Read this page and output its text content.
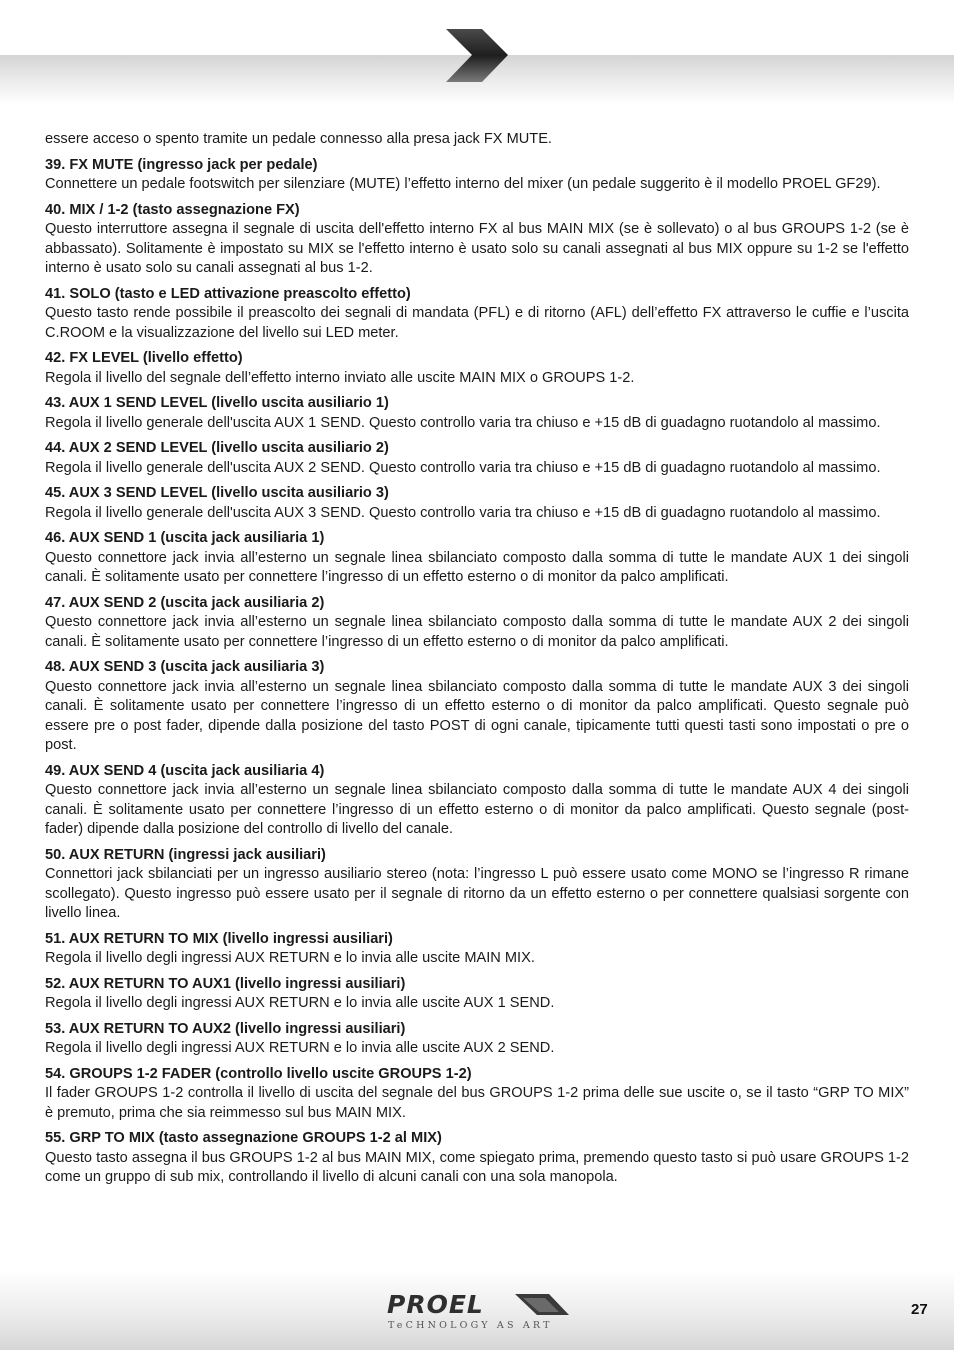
essere acceso o spento tramite un pedale connesso alla presa jack FX MUTE.

39. FX MUTE (ingresso jack per pedale)

Connettere un pedale footswitch per silenziare (MUTE) l’effetto interno del mixer (un pedale suggerito è il modello PROEL GF29).

40. MIX / 1-2 (tasto assegnazione FX)

Questo interruttore assegna il segnale di uscita dell'effetto interno FX al bus MAIN MIX (se è sollevato) o al bus GROUPS 1-2 (se è abbassato). Solitamente è impostato su MIX se l'effetto interno è usato solo su canali assegnati al bus MIX oppure su 1-2 se l'effetto interno è usato solo su canali assegnati al bus 1-2.

41. SOLO (tasto e LED attivazione preascolto effetto)

Questo tasto rende possibile il preascolto dei segnali di mandata (PFL) e di ritorno (AFL) dell’effetto FX attraverso le cuffie e l’uscita C.ROOM e la visualizzazione del livello sui LED meter.

42. FX LEVEL (livello effetto)

Regola il livello del segnale dell’effetto interno inviato alle uscite MAIN MIX o GROUPS 1-2.

43. AUX 1 SEND LEVEL (livello uscita ausiliario 1)

Regola il livello generale dell'uscita AUX 1 SEND. Questo controllo varia tra chiuso e +15 dB di guadagno ruotandolo al massimo.

44. AUX 2 SEND LEVEL (livello uscita ausiliario 2)

Regola il livello generale dell'uscita AUX 2 SEND. Questo controllo varia tra chiuso e +15 dB di guadagno ruotandolo al massimo.

45. AUX 3 SEND LEVEL (livello uscita ausiliario 3)

Regola il livello generale dell'uscita AUX 3 SEND. Questo controllo varia tra chiuso e +15 dB di guadagno ruotandolo al massimo.

46. AUX SEND 1 (uscita jack ausiliaria 1)

Questo connettore jack invia all’esterno un segnale linea sbilanciato composto dalla somma di tutte le mandate AUX 1 dei singoli canali. È solitamente usato per connettere l’ingresso di un effetto esterno o di monitor da palco amplificati.

47. AUX SEND 2 (uscita jack ausiliaria 2)

Questo connettore jack invia all’esterno un segnale linea sbilanciato composto dalla somma di tutte le mandate AUX 2 dei singoli canali. È solitamente usato per connettere l’ingresso di un effetto esterno o di monitor da palco amplificati.

48. AUX SEND 3 (uscita jack ausiliaria 3)

Questo connettore jack invia all’esterno un segnale linea sbilanciato composto dalla somma di tutte le mandate AUX 3 dei singoli canali. È solitamente usato per connettere l’ingresso di un effetto esterno o di monitor da palco amplificati. Questo segnale può essere pre o post fader, dipende dalla posizione del tasto POST di ogni canale, tipicamente tutti questi tasti sono impostati o pre o post.

49. AUX SEND 4 (uscita jack ausiliaria 4)

Questo connettore jack invia all’esterno un segnale linea sbilanciato composto dalla somma di tutte le mandate AUX 4 dei singoli canali. È solitamente usato per connettere l’ingresso di un effetto esterno o di monitor da palco amplificati. Questo segnale (post-fader) dipende dalla posizione del controllo di livello del canale.

50. AUX RETURN (ingressi jack ausiliari)

Connettori jack sbilanciati per un ingresso ausiliario stereo (nota: l’ingresso L può essere usato come MONO se l’ingresso R rimane scollegato). Questo ingresso può essere usato per il segnale di ritorno da un effetto esterno o per connettere qualsiasi sorgente con livello linea.

51. AUX RETURN TO MIX (livello ingressi ausiliari)

Regola il livello degli ingressi AUX RETURN e lo invia alle uscite MAIN MIX.

52. AUX RETURN TO AUX1 (livello ingressi ausiliari)

Regola il livello degli ingressi AUX RETURN e lo invia alle uscite AUX 1 SEND.

53. AUX RETURN TO AUX2 (livello ingressi ausiliari)

Regola il livello degli ingressi AUX RETURN e lo invia alle uscite AUX 2 SEND.

54. GROUPS 1-2 FADER (controllo livello uscite GROUPS 1-2)

Il fader GROUPS 1-2 controlla il livello di uscita del segnale del bus GROUPS 1-2 prima delle sue uscite o, se il tasto “GRP TO MIX” è premuto, prima che sia reimmesso sul bus MAIN MIX.

55. GRP TO MIX (tasto assegnazione GROUPS 1-2 al MIX)

Questo tasto assegna il bus GROUPS 1-2 al bus MAIN MIX, come spiegato prima, premendo questo tasto si può usare GROUPS 1-2 come un gruppo di sub mix, controllando il livello di alcuni canali con una sola manopola.

PROEL
TeCHNOLOGY AS ART
27
